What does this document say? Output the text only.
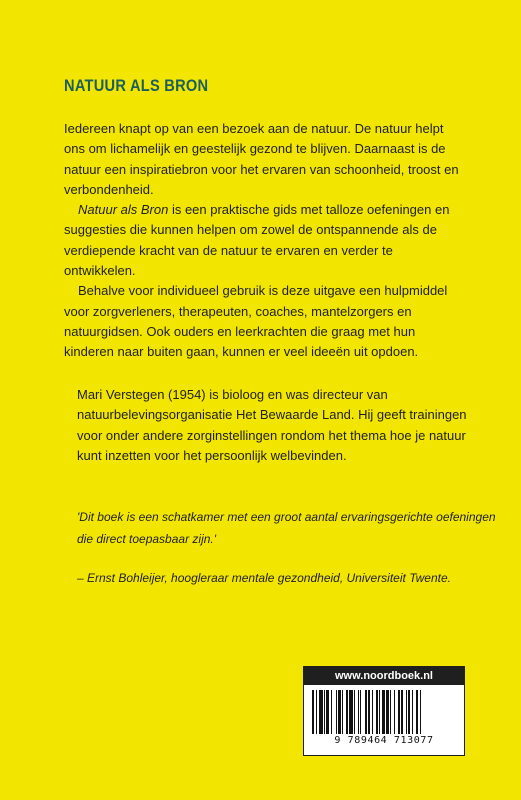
NATUUR ALS BRON

Iedereen knapt op van een bezoek aan de natuur. De natuur helpt ons om lichamelijk en geestelijk gezond te blijven. Daarnaast is de natuur een inspiratiebron voor het ervaren van schoonheid, troost en verbondenheid.

Natuur als Bron is een praktische gids met talloze oefeningen en suggesties die kunnen helpen om zowel de ontspannende als de verdiepende kracht van de natuur te ervaren en verder te ontwikkelen.

Behalve voor individueel gebruik is deze uitgave een hulpmiddel voor zorgverleners, therapeuten, coaches, mantelzorgers en natuurgidsen. Ook ouders en leerkrachten die graag met hun kinderen naar buiten gaan, kunnen er veel ideeën uit opdoen.

Mari Verstegen (1954) is bioloog en was directeur van natuurbelevingsorganisatie Het Bewaarde Land. Hij geeft trainingen voor onder andere zorginstellingen rondom het thema hoe je natuur kunt inzetten voor het persoonlijk welbevinden.

'Dit boek is een schatkamer met een groot aantal ervaringsgerichte oefeningen die direct toepasbaar zijn.'

– Ernst Bohleijer, hoogleraar mentale gezondheid, Universiteit Twente.

www.noordboek.nl
9 789464 713077
